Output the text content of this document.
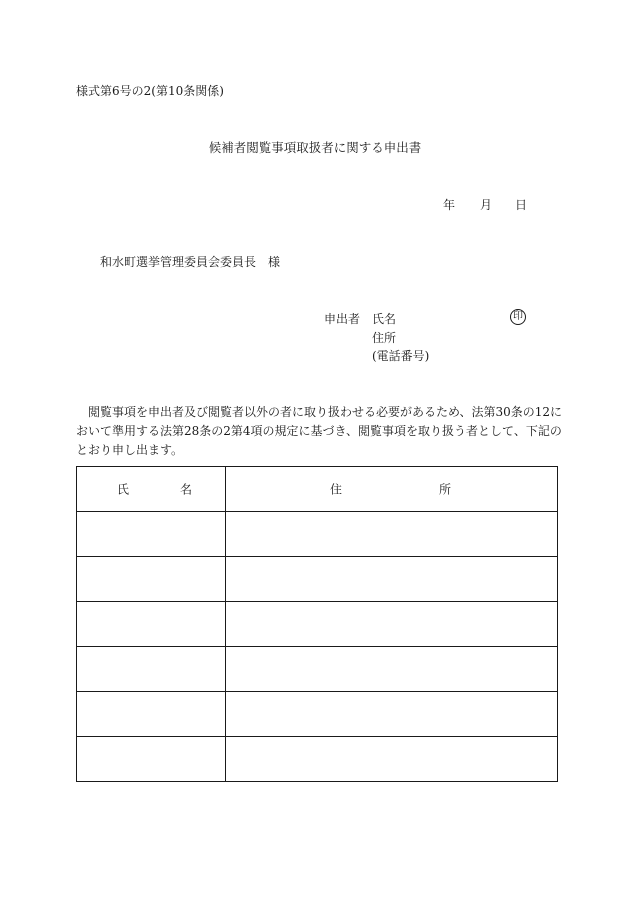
様式第6号の2(第10条関係)
候補者閲覧事項取扱者に関する申出書
年 月 日
和水町選挙管理委員会委員長　様
申出者 氏名	印
住所
(電話番号)

閲覧事項を申出者及び閲覧者以外の者に取り扱わせる必要があるため、法第30条の12に

おいて準用する法第28条の2第4項の規定に基づき、閲覧事項を取り扱う者として、下記の

とおり申し出ます。

氏 名	住 所
